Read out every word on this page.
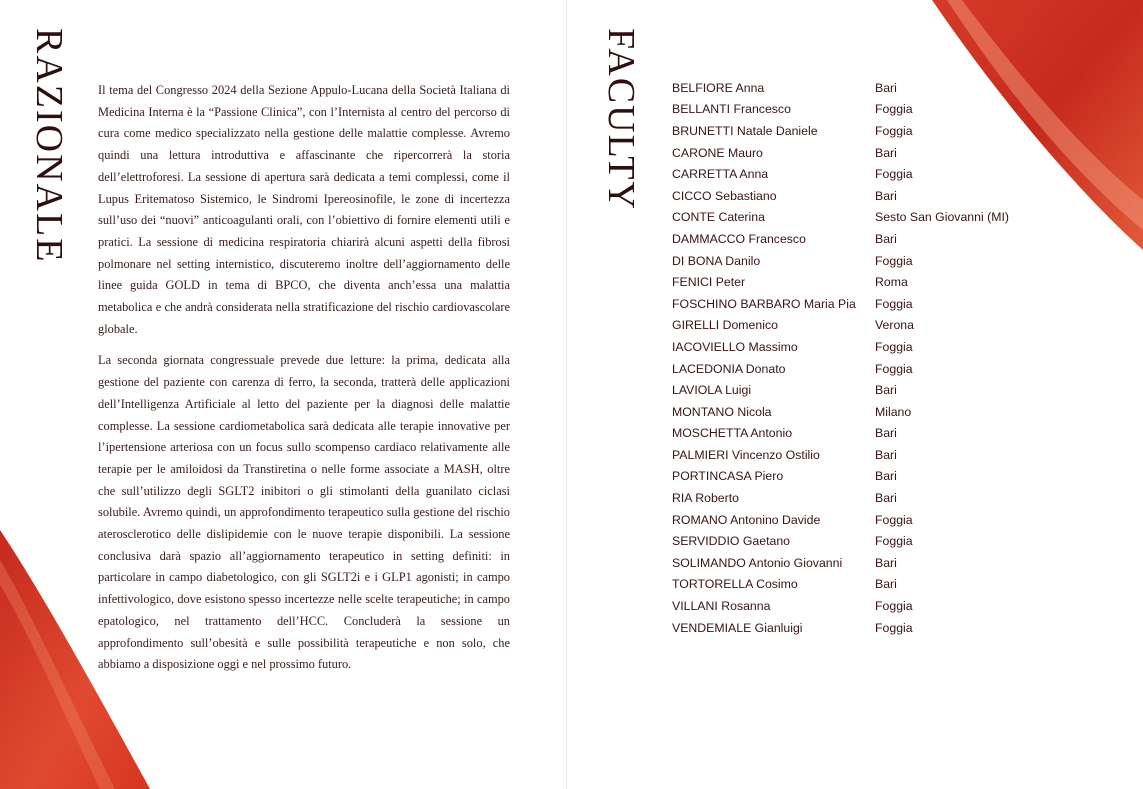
RAZIONALE Il tema del Congresso 2024 della Sezione Appulo-Lucana della Società Italiana di Medicina Interna è la “Passione Clinica”, con l’Internista al centro del percorso di cura come medico specializzato nella gestione delle malattie complesse. Avremo quindi una lettura introduttiva e affascinante che ripercorrerà la storia dell’elettroforesi. La sessione di apertura sarà dedicata a temi complessi, come il Lupus Eritematoso Sistemico, le Sindromi Ipereosinofile, le zone di incertezza sull’uso dei “nuovi” anticoagulanti orali, con l’obiettivo di fornire elementi utili e pratici. La sessione di medicina respiratoria chiarirà alcuni aspetti della fibrosi polmonare nel setting internistico, discuteremo inoltre dell’aggiornamento delle linee guida GOLD in tema di BPCO, che diventa anch’essa una malattia metabolica e che andrà considerata nella stratificazione del rischio cardiovascolare globale.

La seconda giornata congressuale prevede due letture: la prima, dedicata alla gestione del paziente con carenza di ferro, la seconda, tratterà delle applicazioni dell’Intelligenza Artificiale al letto del paziente per la diagnosi delle malattie complesse. La sessione cardiometabolica sarà dedicata alle terapie innovative per l’ipertensione arteriosa con un focus sullo scompenso cardiaco relativamente alle terapie per le amiloidosi da Transtiretina o nelle forme associate a MASH, oltre che sull’utilizzo degli SGLT2 inibitori o gli stimolanti della guanilato ciclasi solubile. Avremo quindi, un approfondimento terapeutico sulla gestione del rischio aterosclerotico delle dislipidemie con le nuove terapie disponibili. La sessione conclusiva darà spazio all’aggiornamento terapeutico in setting definiti: in particolare in campo diabetologico, con gli SGLT2i e i GLP1 agonisti; in campo infettivologico, dove esistono spesso incertezze nelle scelte terapeutiche; in campo epatologico, nel trattamento dell’HCC. Concluderà la sessione un approfondimento sull’obesità e sulle possibilità terapeutiche e non solo, che abbiamo a disposizione oggi e nel prossimo futuro.

FACULTY BELFIORE Anna	Bari
BELLANTI Francesco	Foggia
BRUNETTI Natale Daniele	Foggia
CARONE Mauro	Bari
CARRETTA Anna	Foggia
CICCO Sebastiano	Bari
CONTE Caterina	Sesto San Giovanni (MI)
DAMMACCO Francesco	Bari
DI BONA Danilo	Foggia
FENICI Peter	Roma
FOSCHINO BARBARO Maria Pia	Foggia
GIRELLI Domenico	Verona
IACOVIELLO Massimo	Foggia
LACEDONIA Donato	Foggia
LAVIOLA Luigi	Bari
MONTANO Nicola	Milano
MOSCHETTA Antonio	Bari
PALMIERI Vincenzo Ostilio	Bari
PORTINCASA Piero	Bari
RIA Roberto	Bari
ROMANO Antonino Davide	Foggia
SERVIDDIO Gaetano	Foggia
SOLIMANDO Antonio Giovanni	Bari
TORTORELLA Cosimo	Bari
VILLANI Rosanna	Foggia
VENDEMIALE Gianluigi	Foggia
